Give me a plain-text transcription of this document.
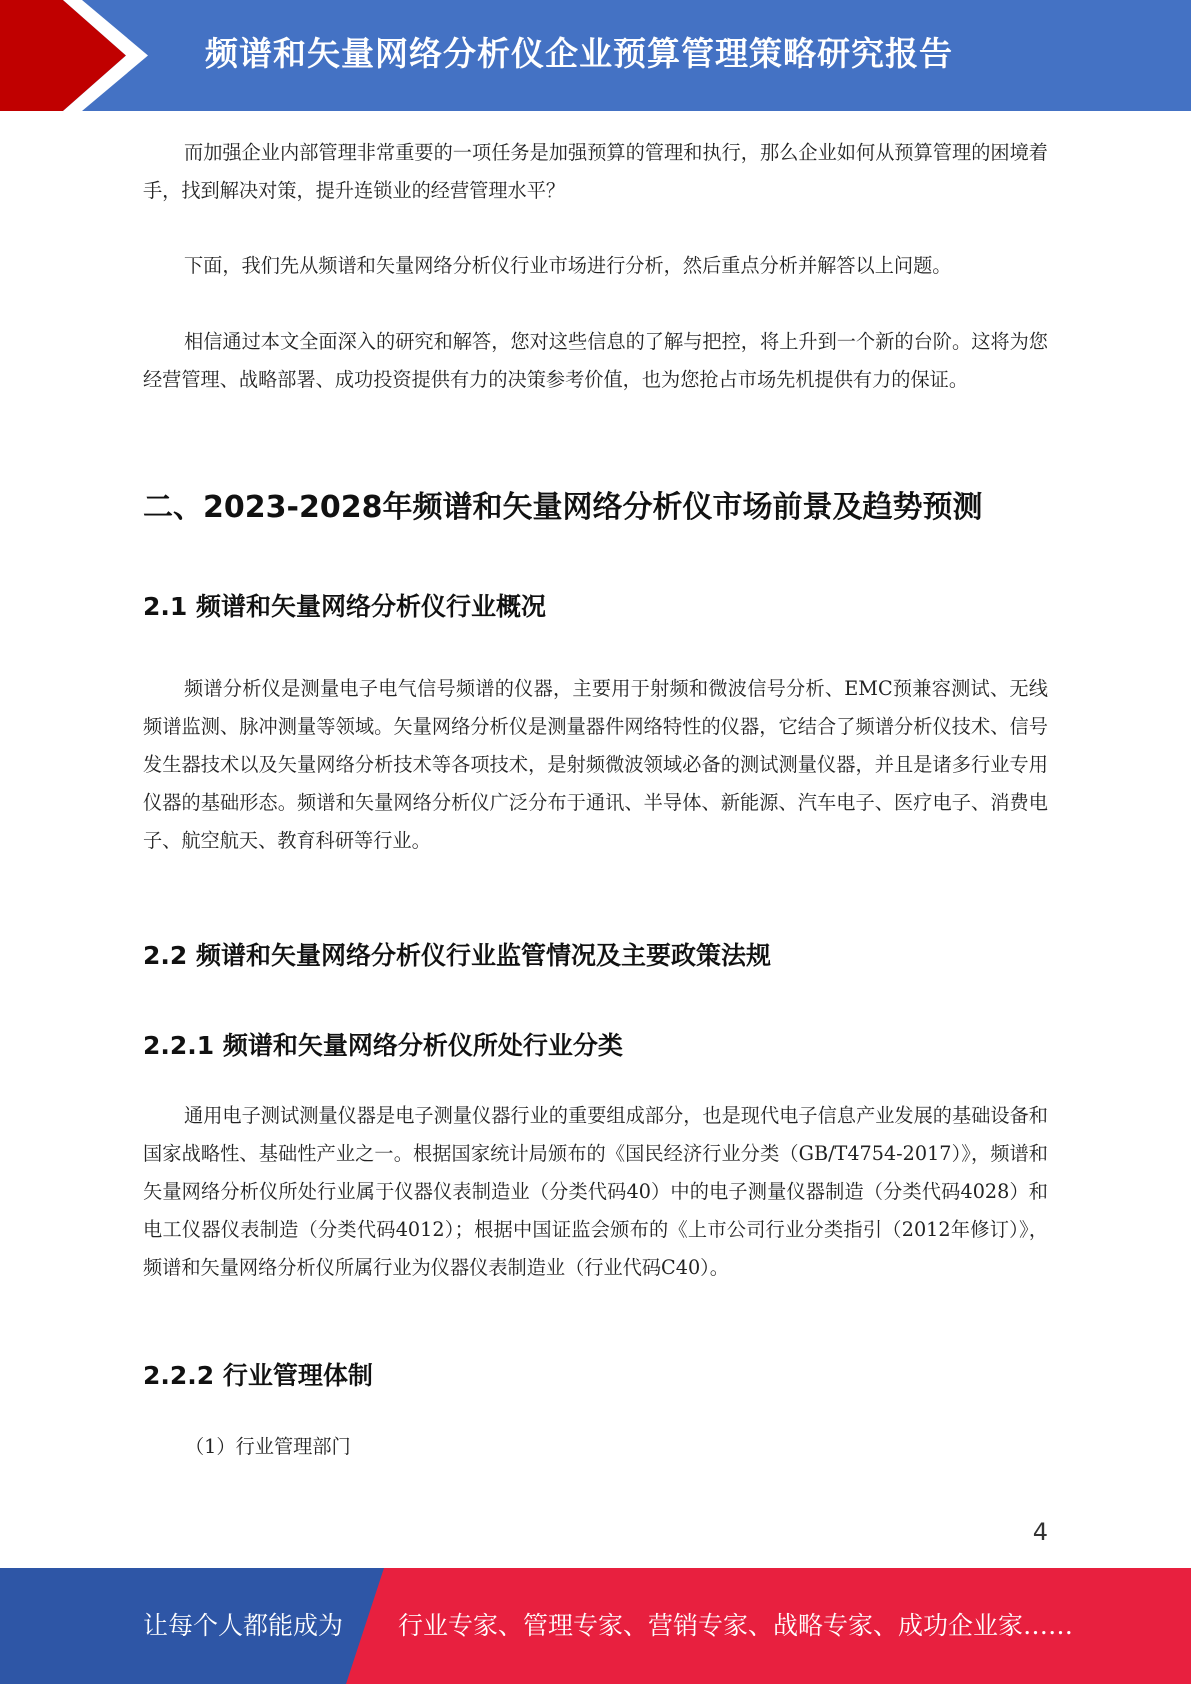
频谱和矢量网络分析仪企业预算管理策略研究报告
而加强企业内部管理非常重要的一项任务是加强预算的管理和执行，那么企业如何从预算管理的困境着手，找到解决对策，提升连锁业的经营管理水平？
下面，我们先从频谱和矢量网络分析仪行业市场进行分析，然后重点分析并解答以上问题。
相信通过本文全面深入的研究和解答，您对这些信息的了解与把控，将上升到一个新的台阶。这将为您经营管理、战略部署、成功投资提供有力的决策参考价值，也为您抢占市场先机提供有力的保证。
二、2023-2028年频谱和矢量网络分析仪市场前景及趋势预测
2.1 频谱和矢量网络分析仪行业概况
频谱分析仪是测量电子电气信号频谱的仪器，主要用于射频和微波信号分析、EMC预兼容测试、无线频谱监测、脉冲测量等领域。矢量网络分析仪是测量器件网络特性的仪器，它结合了频谱分析仪技术、信号发生器技术以及矢量网络分析技术等各项技术，是射频微波领域必备的测试测量仪器，并且是诸多行业专用仪器的基础形态。频谱和矢量网络分析仪广泛分布于通讯、半导体、新能源、汽车电子、医疗电子、消费电子、航空航天、教育科研等行业。
2.2 频谱和矢量网络分析仪行业监管情况及主要政策法规
2.2.1 频谱和矢量网络分析仪所处行业分类
通用电子测试测量仪器是电子测量仪器行业的重要组成部分，也是现代电子信息产业发展的基础设备和国家战略性、基础性产业之一。根据国家统计局颁布的《国民经济行业分类（GB/T4754-2017）》，频谱和矢量网络分析仪所处行业属于仪器仪表制造业（分类代码40）中的电子测量仪器制造（分类代码4028）和电工仪器仪表制造（分类代码4012）；根据中国证监会颁布的《上市公司行业分类指引（2012年修订）》，频谱和矢量网络分析仪所属行业为仪器仪表制造业（行业代码C40）。
2.2.2 行业管理体制
（1）行业管理部门
4
让每个人都能成为 行业专家、管理专家、营销专家、战略专家、成功企业家……
